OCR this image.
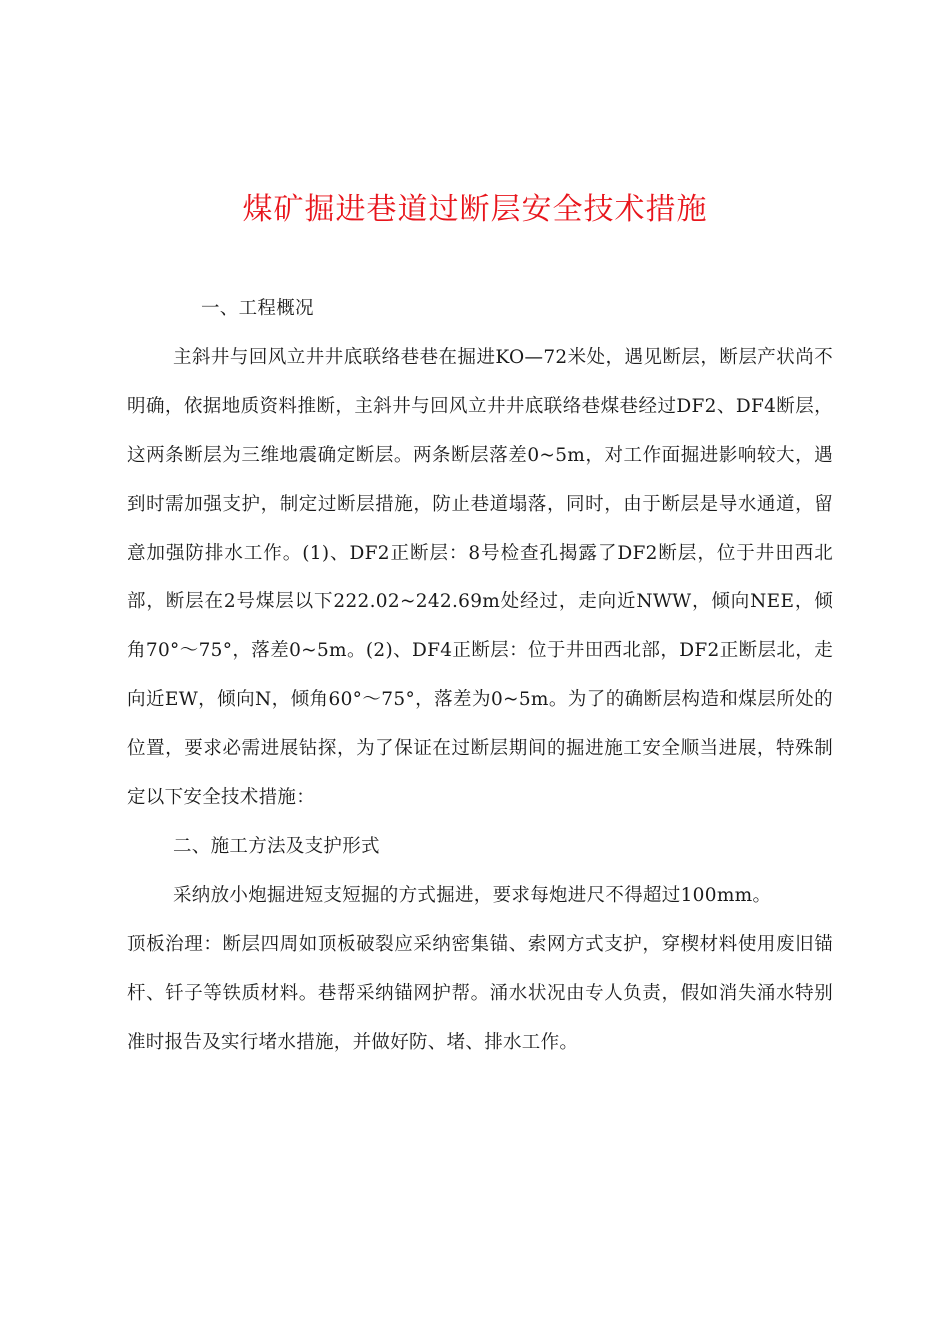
煤矿掘进巷道过断层安全技术措施

一、工程概况

主斜井与回风立井井底联络巷巷在掘进KO—72米处，遇见断层，断层产状尚不明确，依据地质资料推断，主斜井与回风立井井底联络巷煤巷经过DF2、DF4断层，这两条断层为三维地震确定断层。两条断层落差0~5m，对工作面掘进影响较大，遇到时需加强支护，制定过断层措施，防止巷道塌落，同时，由于断层是导水通道，留意加强防排水工作。(1)、DF2正断层：8号检查孔揭露了DF2断层，位于井田西北部，断层在2号煤层以下222.02~242.69m处经过，走向近NWW，倾向NEE，倾角70°～75°，落差0~5m。(2)、DF4正断层：位于井田西北部，DF2正断层北，走向近EW，倾向N，倾角60°～75°，落差为0~5m。为了的确断层构造和煤层所处的位置，要求必需进展钻探，为了保证在过断层期间的掘进施工安全顺当进展，特殊制定以下安全技术措施：

二、施工方法及支护形式

采纳放小炮掘进短支短掘的方式掘进，要求每炮进尺不得超过100mm。

顶板治理：断层四周如顶板破裂应采纳密集锚、索网方式支护，穿楔材料使用废旧锚杆、钎子等铁质材料。巷帮采纳锚网护帮。涌水状况由专人负责，假如消失涌水特别准时报告及实行堵水措施，并做好防、堵、排水工作。
